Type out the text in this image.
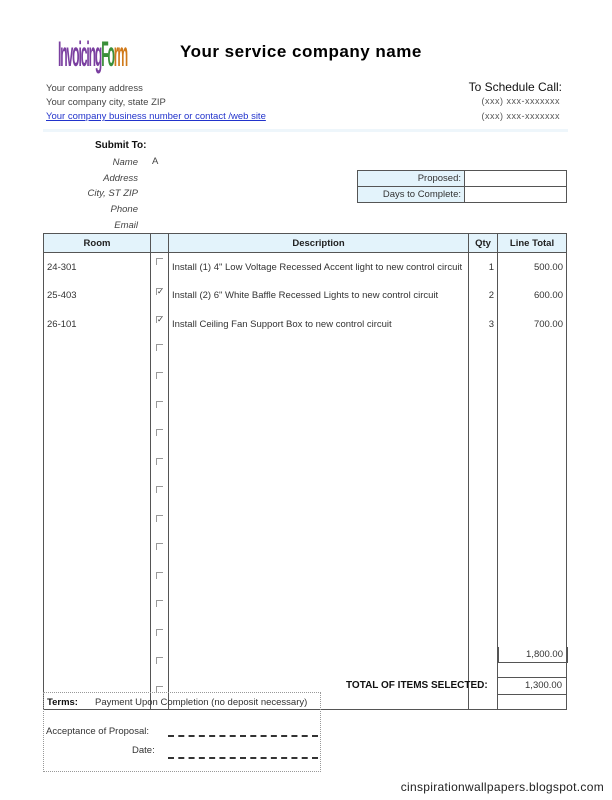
InvoicingForm	Your service company name
Your company address
Your company city, state ZIP
Your company business number or contact /web site
To Schedule Call:
(xxx) xxx-xxxxxxx
(xxx) xxx-xxxxxxx
Submit To:
Name A
Address
City, ST ZIP
Phone
Email
Proposed:	
Days to Complete:	
Room		Description	Qty	Line Total
24-301		Install (1) 4" Low Voltage Recessed Accent light to new control circuit	1	500.00
25-403	✓	Install (2) 6" White Baffle Recessed Lights to new control circuit	2	600.00
26-101	✓	Install Ceiling Fan Support Box to new control circuit	3	700.00

1,800.00
TOTAL OF ITEMS SELECTED:	1,300.00
Terms: Payment Upon Completion (no deposit necessary)
Acceptance of Proposal:
Date:
cinspirationwallpapers.blogspot.com
